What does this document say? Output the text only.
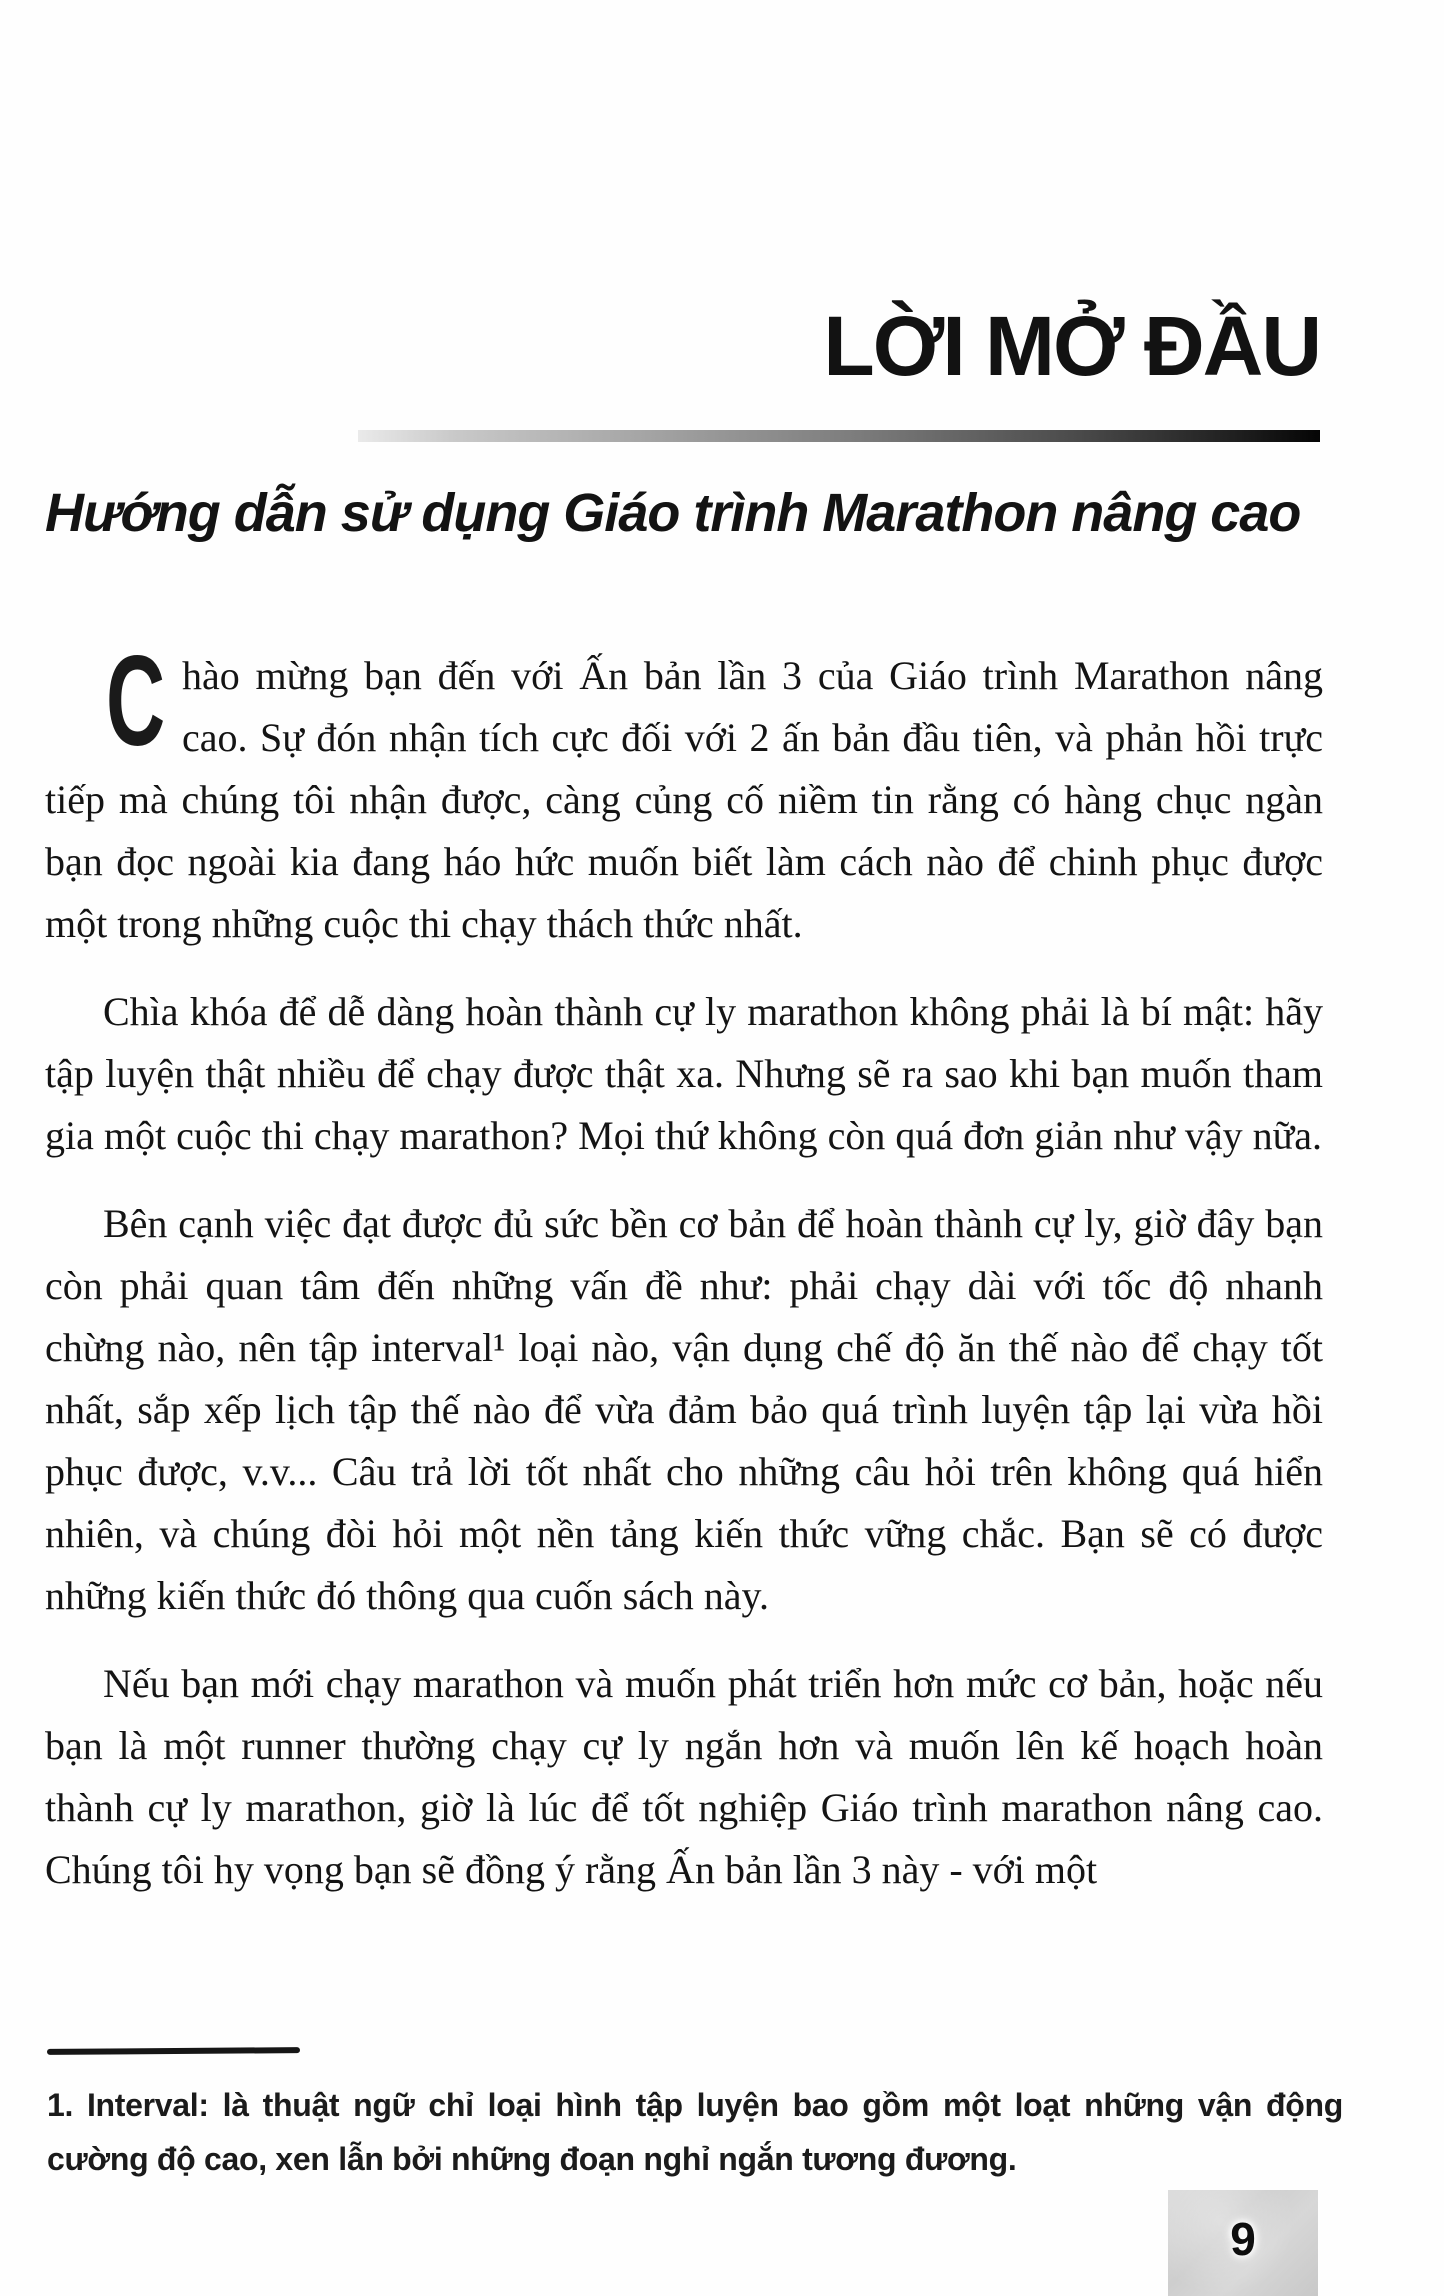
LỜI MỞ ĐẦU
Hướng dẫn sử dụng Giáo trình Marathon nâng cao

Chào mừng bạn đến với Ấn bản lần 3 của Giáo trình Marathon nâng cao. Sự đón nhận tích cực đối với 2 ấn bản đầu tiên, và phản hồi trực tiếp mà chúng tôi nhận được, càng củng cố niềm tin rằng có hàng chục ngàn bạn đọc ngoài kia đang háo hức muốn biết làm cách nào để chinh phục được một trong những cuộc thi chạy thách thức nhất.

Chìa khóa để dễ dàng hoàn thành cự ly marathon không phải là bí mật: hãy tập luyện thật nhiều để chạy được thật xa. Nhưng sẽ ra sao khi bạn muốn tham gia một cuộc thi chạy marathon? Mọi thứ không còn quá đơn giản như vậy nữa.

Bên cạnh việc đạt được đủ sức bền cơ bản để hoàn thành cự ly, giờ đây bạn còn phải quan tâm đến những vấn đề như: phải chạy dài với tốc độ nhanh chừng nào, nên tập interval¹ loại nào, vận dụng chế độ ăn thế nào để chạy tốt nhất, sắp xếp lịch tập thế nào để vừa đảm bảo quá trình luyện tập lại vừa hồi phục được, v.v... Câu trả lời tốt nhất cho những câu hỏi trên không quá hiển nhiên, và chúng đòi hỏi một nền tảng kiến thức vững chắc. Bạn sẽ có được những kiến thức đó thông qua cuốn sách này.

Nếu bạn mới chạy marathon và muốn phát triển hơn mức cơ bản, hoặc nếu bạn là một runner thường chạy cự ly ngắn hơn và muốn lên kế hoạch hoàn thành cự ly marathon, giờ là lúc để tốt nghiệp Giáo trình marathon nâng cao. Chúng tôi hy vọng bạn sẽ đồng ý rằng Ấn bản lần 3 này - với một

1. Interval: là thuật ngữ chỉ loại hình tập luyện bao gồm một loạt những vận động cường độ cao, xen lẫn bởi những đoạn nghỉ ngắn tương đương.

9
